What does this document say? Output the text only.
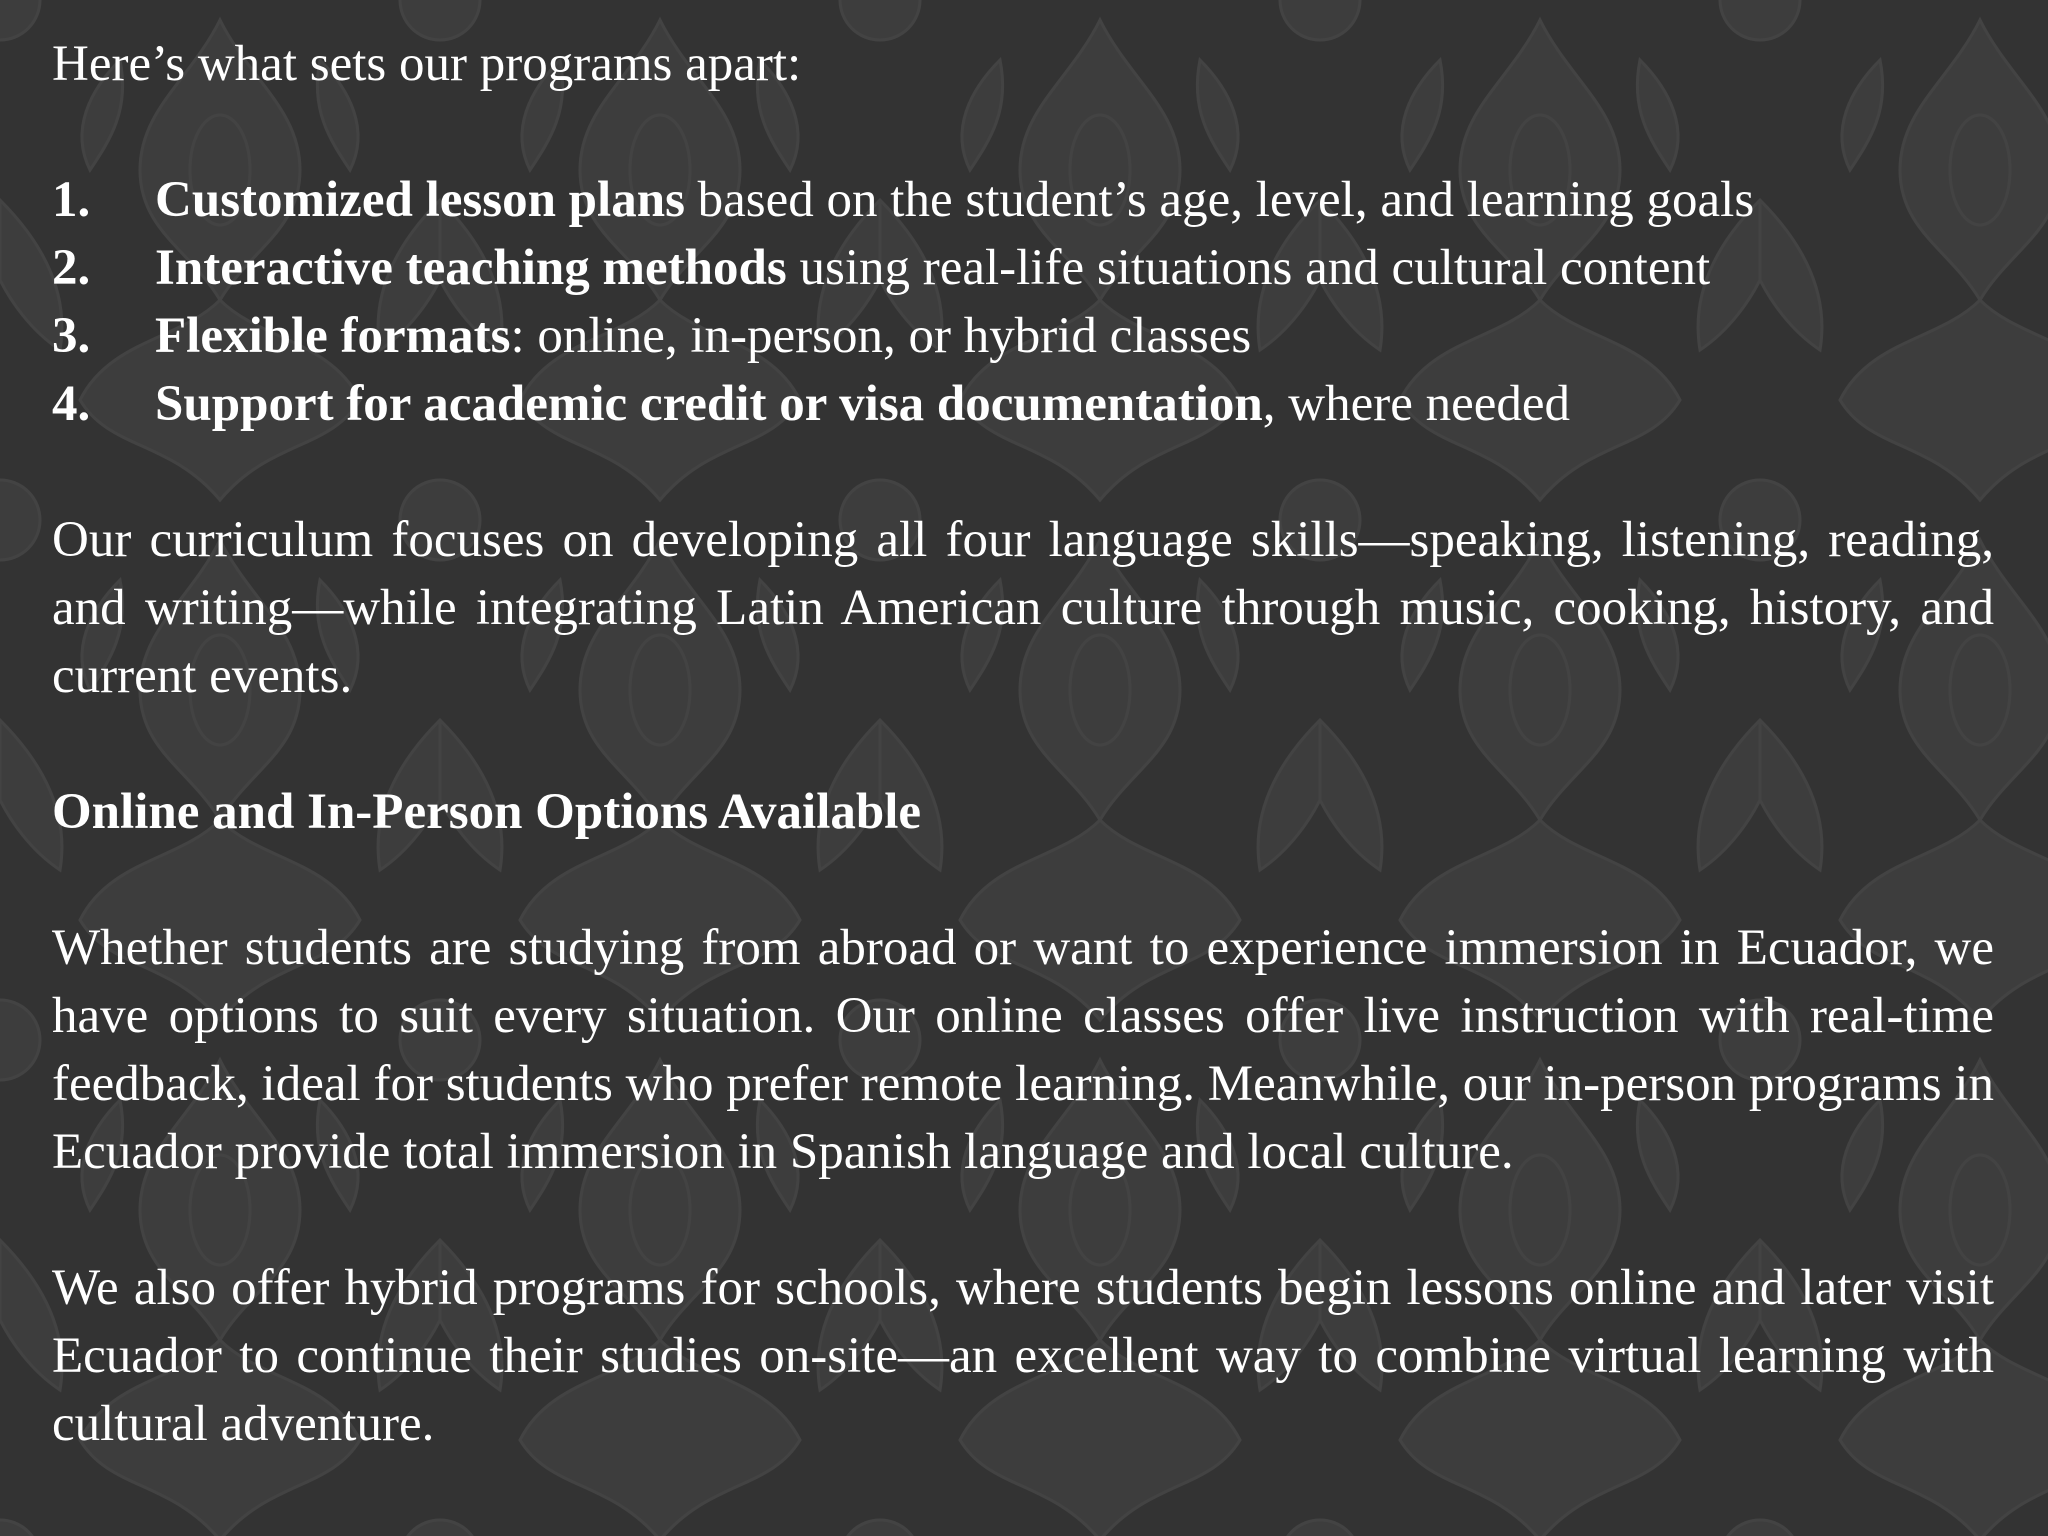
Here’s what sets our programs apart:

1.	Customized lesson plans based on the student’s age, level, and learning goals
2.	Interactive teaching methods using real-life situations and cultural content
3.	Flexible formats: online, in-person, or hybrid classes
4.	Support for academic credit or visa documentation, where needed

Our curriculum focuses on developing all four language skills—speaking, listening, reading, and writing—while integrating Latin American culture through music, cooking, history, and current events.

Online and In-Person Options Available

Whether students are studying from abroad or want to experience immersion in Ecuador, we have options to suit every situation. Our online classes offer live instruction with real-time feedback, ideal for students who prefer remote learning. Meanwhile, our in-person programs in Ecuador provide total immersion in Spanish language and local culture.

We also offer hybrid programs for schools, where students begin lessons online and later visit Ecuador to continue their studies on-site—an excellent way to combine virtual learning with cultural adventure.
